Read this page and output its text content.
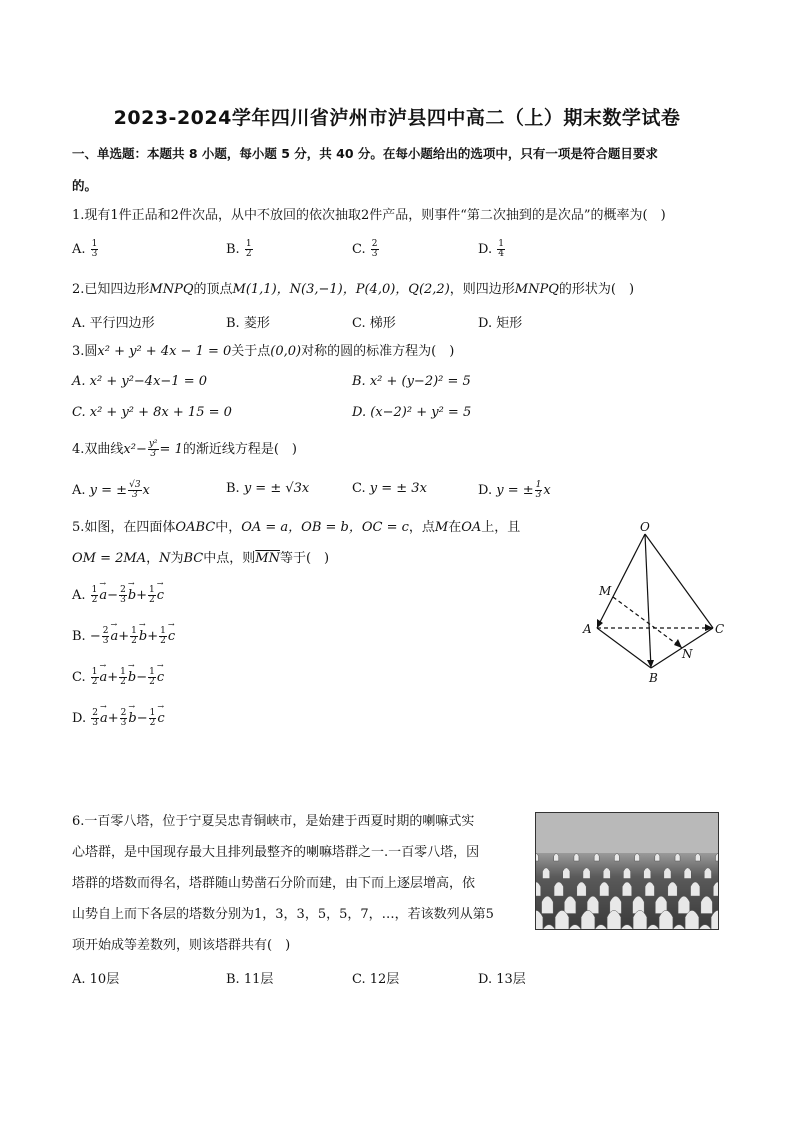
2023-2024学年四川省泸州市泸县四中高二（上）期末数学试卷
一、单选题：本题共 8 小题，每小题 5 分，共 40 分。在每小题给出的选项中，只有一项是符合题目要求
的。
1.现有1件正品和2件次品，从中不放回的依次抽取2件产品，则事件“第二次抽到的是次品”的概率为(　)
A. $\frac{1}{3}$	B. $\frac{1}{2}$	C. $\frac{2}{3}$	D. $\frac{1}{4}$
2.已知四边形MNPQ的顶点M(1,1)，N(3,−1)，P(4,0)，Q(2,2)，则四边形MNPQ的形状为(　)
A. 平行四边形	B. 菱形	C. 梯形	D. 矩形
3.圆x² + y² + 4x − 1 = 0关于点(0,0)对称的圆的标准方程为(　)
A. x² + y²−4x−1 = 0	B. x² + (y−2)² = 5
C. x² + y² + 8x + 15 = 0	D. (x−2)² + y² = 5
4.双曲线$x^2- \frac{\text{y²}}{3} = 1$的渐近线方程是(　)
A. y = ± $\frac{√3}{3}$ x	B. y = ± √3x	C. y = ± 3x	D. y = ± $\frac{1}{3}$ x
5.如图，在四面体OABC中，OA = a，OB = b，OC = c，点M在OA上，且
OM = 2MA，N为BC中点，则$\overline{MN}$等于(　)
A. $\frac{1}{2} \to a- \frac{2}{3} \to b+ \frac{1}{2} \to c$
B. − $\frac{2}{3} \to a+ \frac{1}{2} \to b+ \frac{1}{2} \to c$
C. $\frac{1}{2} \to a+ \frac{1}{2} \to b- \frac{1}{2} \to c$
D. $\frac{2}{3} \to a+ \frac{2}{3} \to b- \frac{1}{2} \to c$
O
M
A	C
N
B
6.一百零八塔，位于宁夏吴忠青铜峡市，是始建于西夏时期的喇嘛式实
心塔群，是中国现存最大且排列最整齐的喇嘛塔群之一.一百零八塔，因
塔群的塔数而得名，塔群随山势凿石分阶而建，由下而上逐层增高，依
山势自上而下各层的塔数分别为1，3，3，5，5，7，…，若该数列从第5
项开始成等差数列，则该塔群共有(　)
A. 10层	B. 11层	C. 12层	D. 13层
